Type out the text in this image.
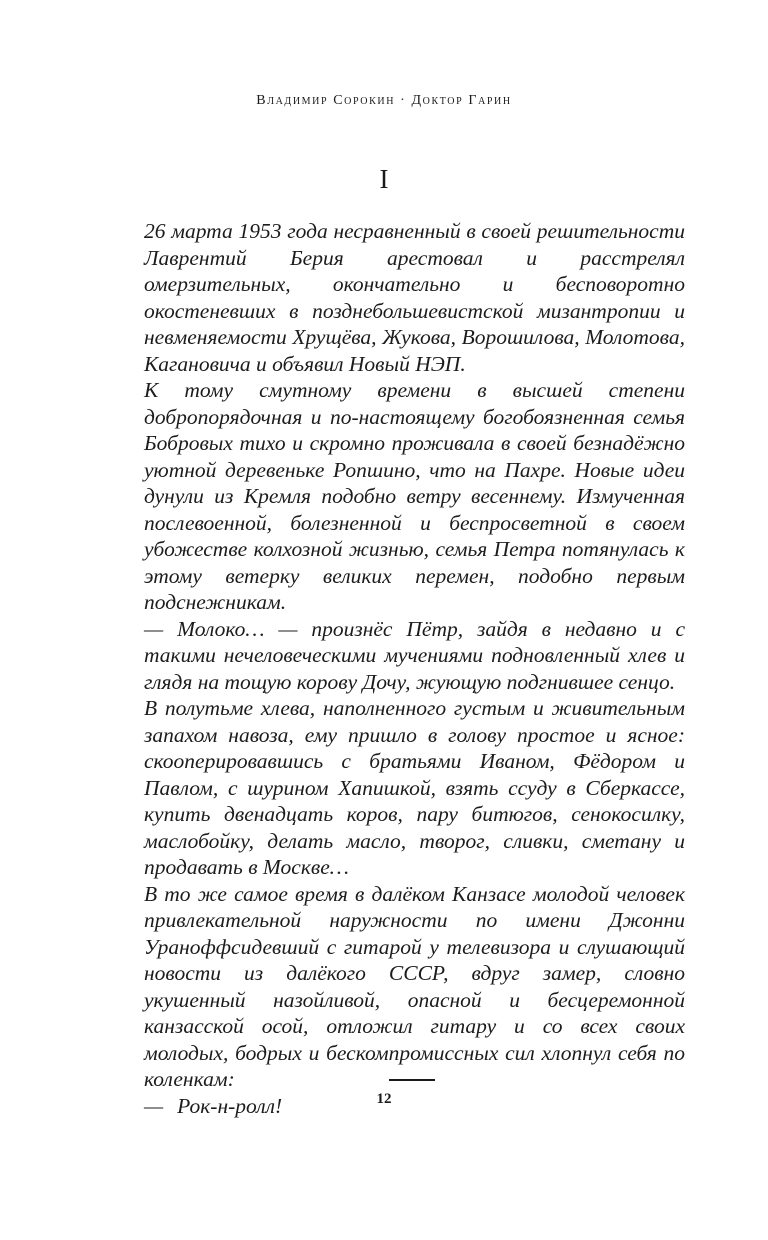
Владимир Сорокин · Доктор Гарин
I

26 марта 1953 года несравненный в своей решительности Лаврентий Берия арестовал и расстрелял омерзительных, окончательно и бесповоротно окостеневших в позднебольшевистской мизантропии и невменяемости Хрущёва, Жукова, Ворошилова, Молотова, Кагановича и объявил Новый НЭП.

К тому смутному времени в высшей степени добропорядочная и по-настоящему богобоязненная семья Бобровых тихо и скромно проживала в своей безнадёжно уютной деревеньке Ропшино, что на Пахре. Новые идеи дунули из Кремля подобно ветру весеннему. Измученная послевоенной, болезненной и беспросветной в своем убожестве колхозной жизнью, семья Петра потянулась к этому ветерку великих перемен, подобно первым подснежникам.

— Молоко… — произнёс Пётр, зайдя в недавно и с такими нечеловеческими мучениями подновленный хлев и глядя на тощую корову Дочу, жующую подгнившее сенцо.

В полутьме хлева, наполненного густым и живительным запахом навоза, ему пришло в голову простое и ясное: скооперировавшись с братьями Иваном, Фёдором и Павлом, с шурином Хапишкой, взять ссуду в Сберкассе, купить двенадцать коров, пару битюгов, сенокосилку, маслобойку, делать масло, творог, сливки, сметану и продавать в Москве…

В то же самое время в далёком Канзасе молодой человек привлекательной наружности по имени Джонни Ураноффсидевший с гитарой у телевизора и слушающий новости из далёкого СССР, вдруг замер, словно укушенный назойливой, опасной и бесцеремонной канзасской осой, отложил гитару и со всех своих молодых, бодрых и бескомпромиссных сил хлопнул себя по коленкам:

— Рок-н-ролл!	12
